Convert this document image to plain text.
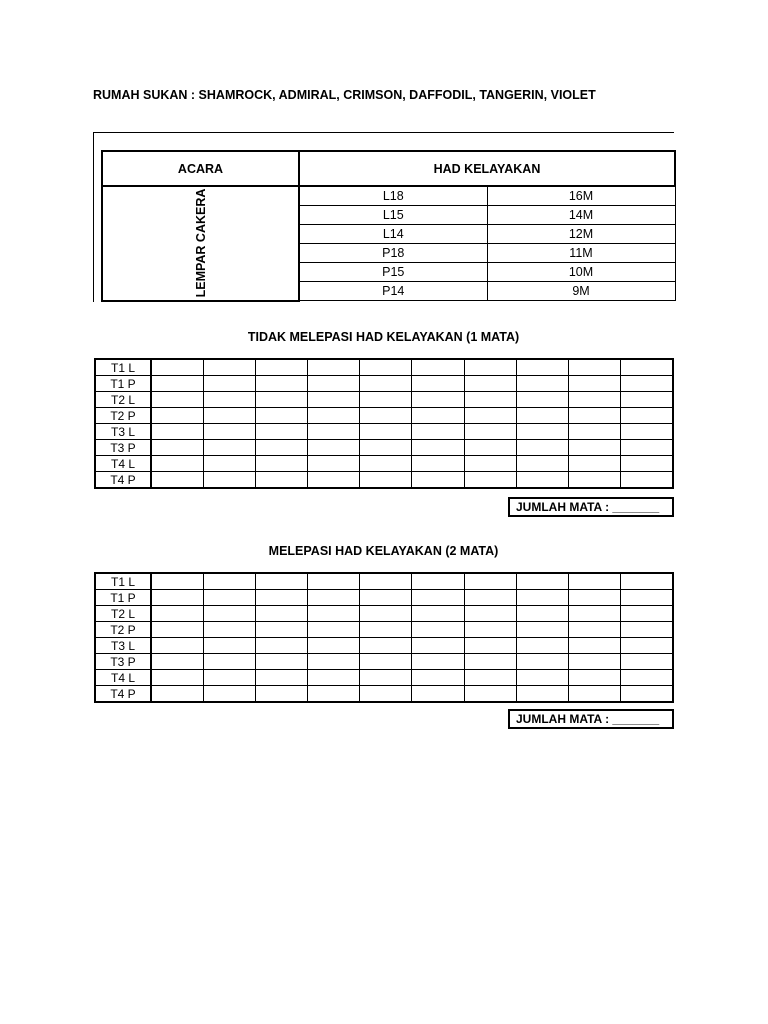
RUMAH SUKAN : SHAMROCK, ADMIRAL, CRIMSON, DAFFODIL, TANGERIN, VIOLET
ACARA	HAD KELAYAKAN	

LEMPAR CAKERA	L18	16M
	L15	14M
	L14	12M
	P18	11M
	P15	10M
	P14	9M
TIDAK MELEPASI HAD KELAYAKAN (1 MATA)
T1 L										
T1 P										
T2 L										
T2 P										
T3 L										
T3 P										
T4 L										
T4 P										
JUMLAH MATA : _______
MELEPASI HAD KELAYAKAN (2 MATA)
T1 L										
T1 P										
T2 L										
T2 P										
T3 L										
T3 P										
T4 L										
T4 P										
JUMLAH MATA : _______
